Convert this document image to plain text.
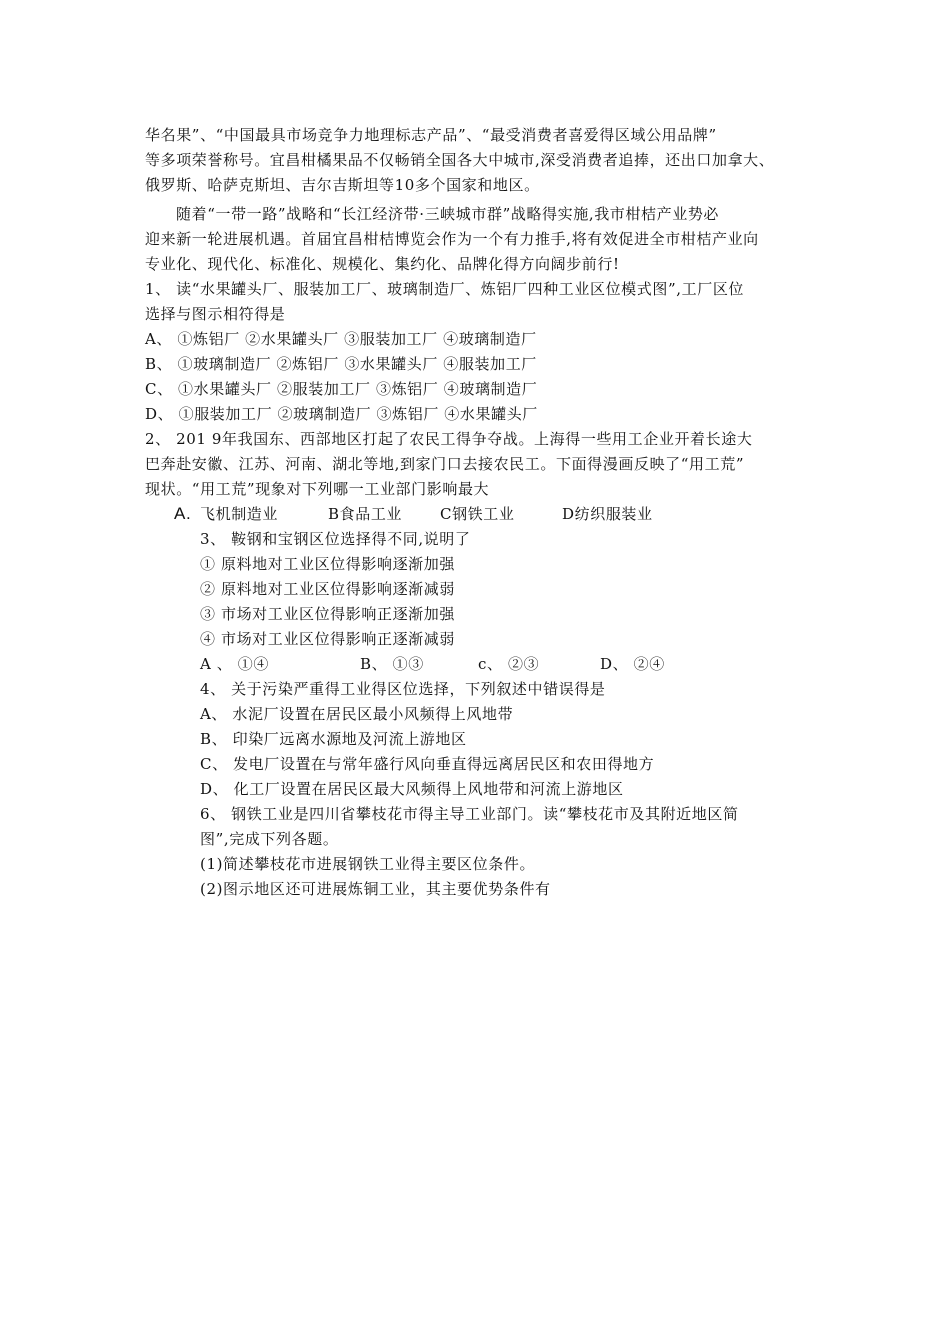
华名果”、“中国最具市场竞争力地理标志产品”、“最受消费者喜爱得区域公用品牌”
等多项荣誉称号。宜昌柑橘果品不仅畅销全国各大中城市,深受消费者追捧，还出口加拿大、
俄罗斯、哈萨克斯坦、吉尔吉斯坦等10多个国家和地区。
随着“一带一路”战略和“长江经济带·三峡城市群”战略得实施,我市柑桔产业势必
迎来新一轮进展机遇。首届宜昌柑桔博览会作为一个有力推手,将有效促进全市柑桔产业向
专业化、现代化、标准化、规模化、集约化、品牌化得方向阔步前行!
1、 读“水果罐头厂、服装加工厂、玻璃制造厂、炼铝厂四种工业区位模式图”,工厂区位
选择与图示相符得是
A、 ①炼铝厂 ②水果罐头厂 ③服装加工厂 ④玻璃制造厂
B、 ①玻璃制造厂 ②炼铝厂 ③水果罐头厂 ④服装加工厂
C、 ①水果罐头厂 ②服装加工厂 ③炼铝厂 ④玻璃制造厂
D、 ①服装加工厂 ②玻璃制造厂 ③炼铝厂 ④水果罐头厂
2、 201 9年我国东、西部地区打起了农民工得争夺战。上海得一些用工企业开着长途大
巴奔赴安徽、江苏、河南、湖北等地,到家门口去接农民工。下面得漫画反映了“用工荒”
现状。“用工荒”现象对下列哪一工业部门影响最大
A. 飞机制造业	B食品工业	C钢铁工业	D纺织服装业
3、 鞍钢和宝钢区位选择得不同,说明了
① 原料地对工业区位得影响逐渐加强
② 原料地对工业区位得影响逐渐减弱
③ 市场对工业区位得影响正逐渐加强
④ 市场对工业区位得影响正逐渐减弱
A 、 ①④	B、 ①③	c、 ②③	D、 ②④
4、 关于污染严重得工业得区位选择，下列叙述中错误得是
A、 水泥厂设置在居民区最小风频得上风地带
B、 印染厂远离水源地及河流上游地区
C、 发电厂设置在与常年盛行风向垂直得远离居民区和农田得地方
D、 化工厂设置在居民区最大风频得上风地带和河流上游地区
6、 钢铁工业是四川省攀枝花市得主导工业部门。读“攀枝花市及其附近地区简
图”,完成下列各题。
(1)简述攀枝花市进展钢铁工业得主要区位条件。
(2)图示地区还可进展炼铜工业，其主要优势条件有
